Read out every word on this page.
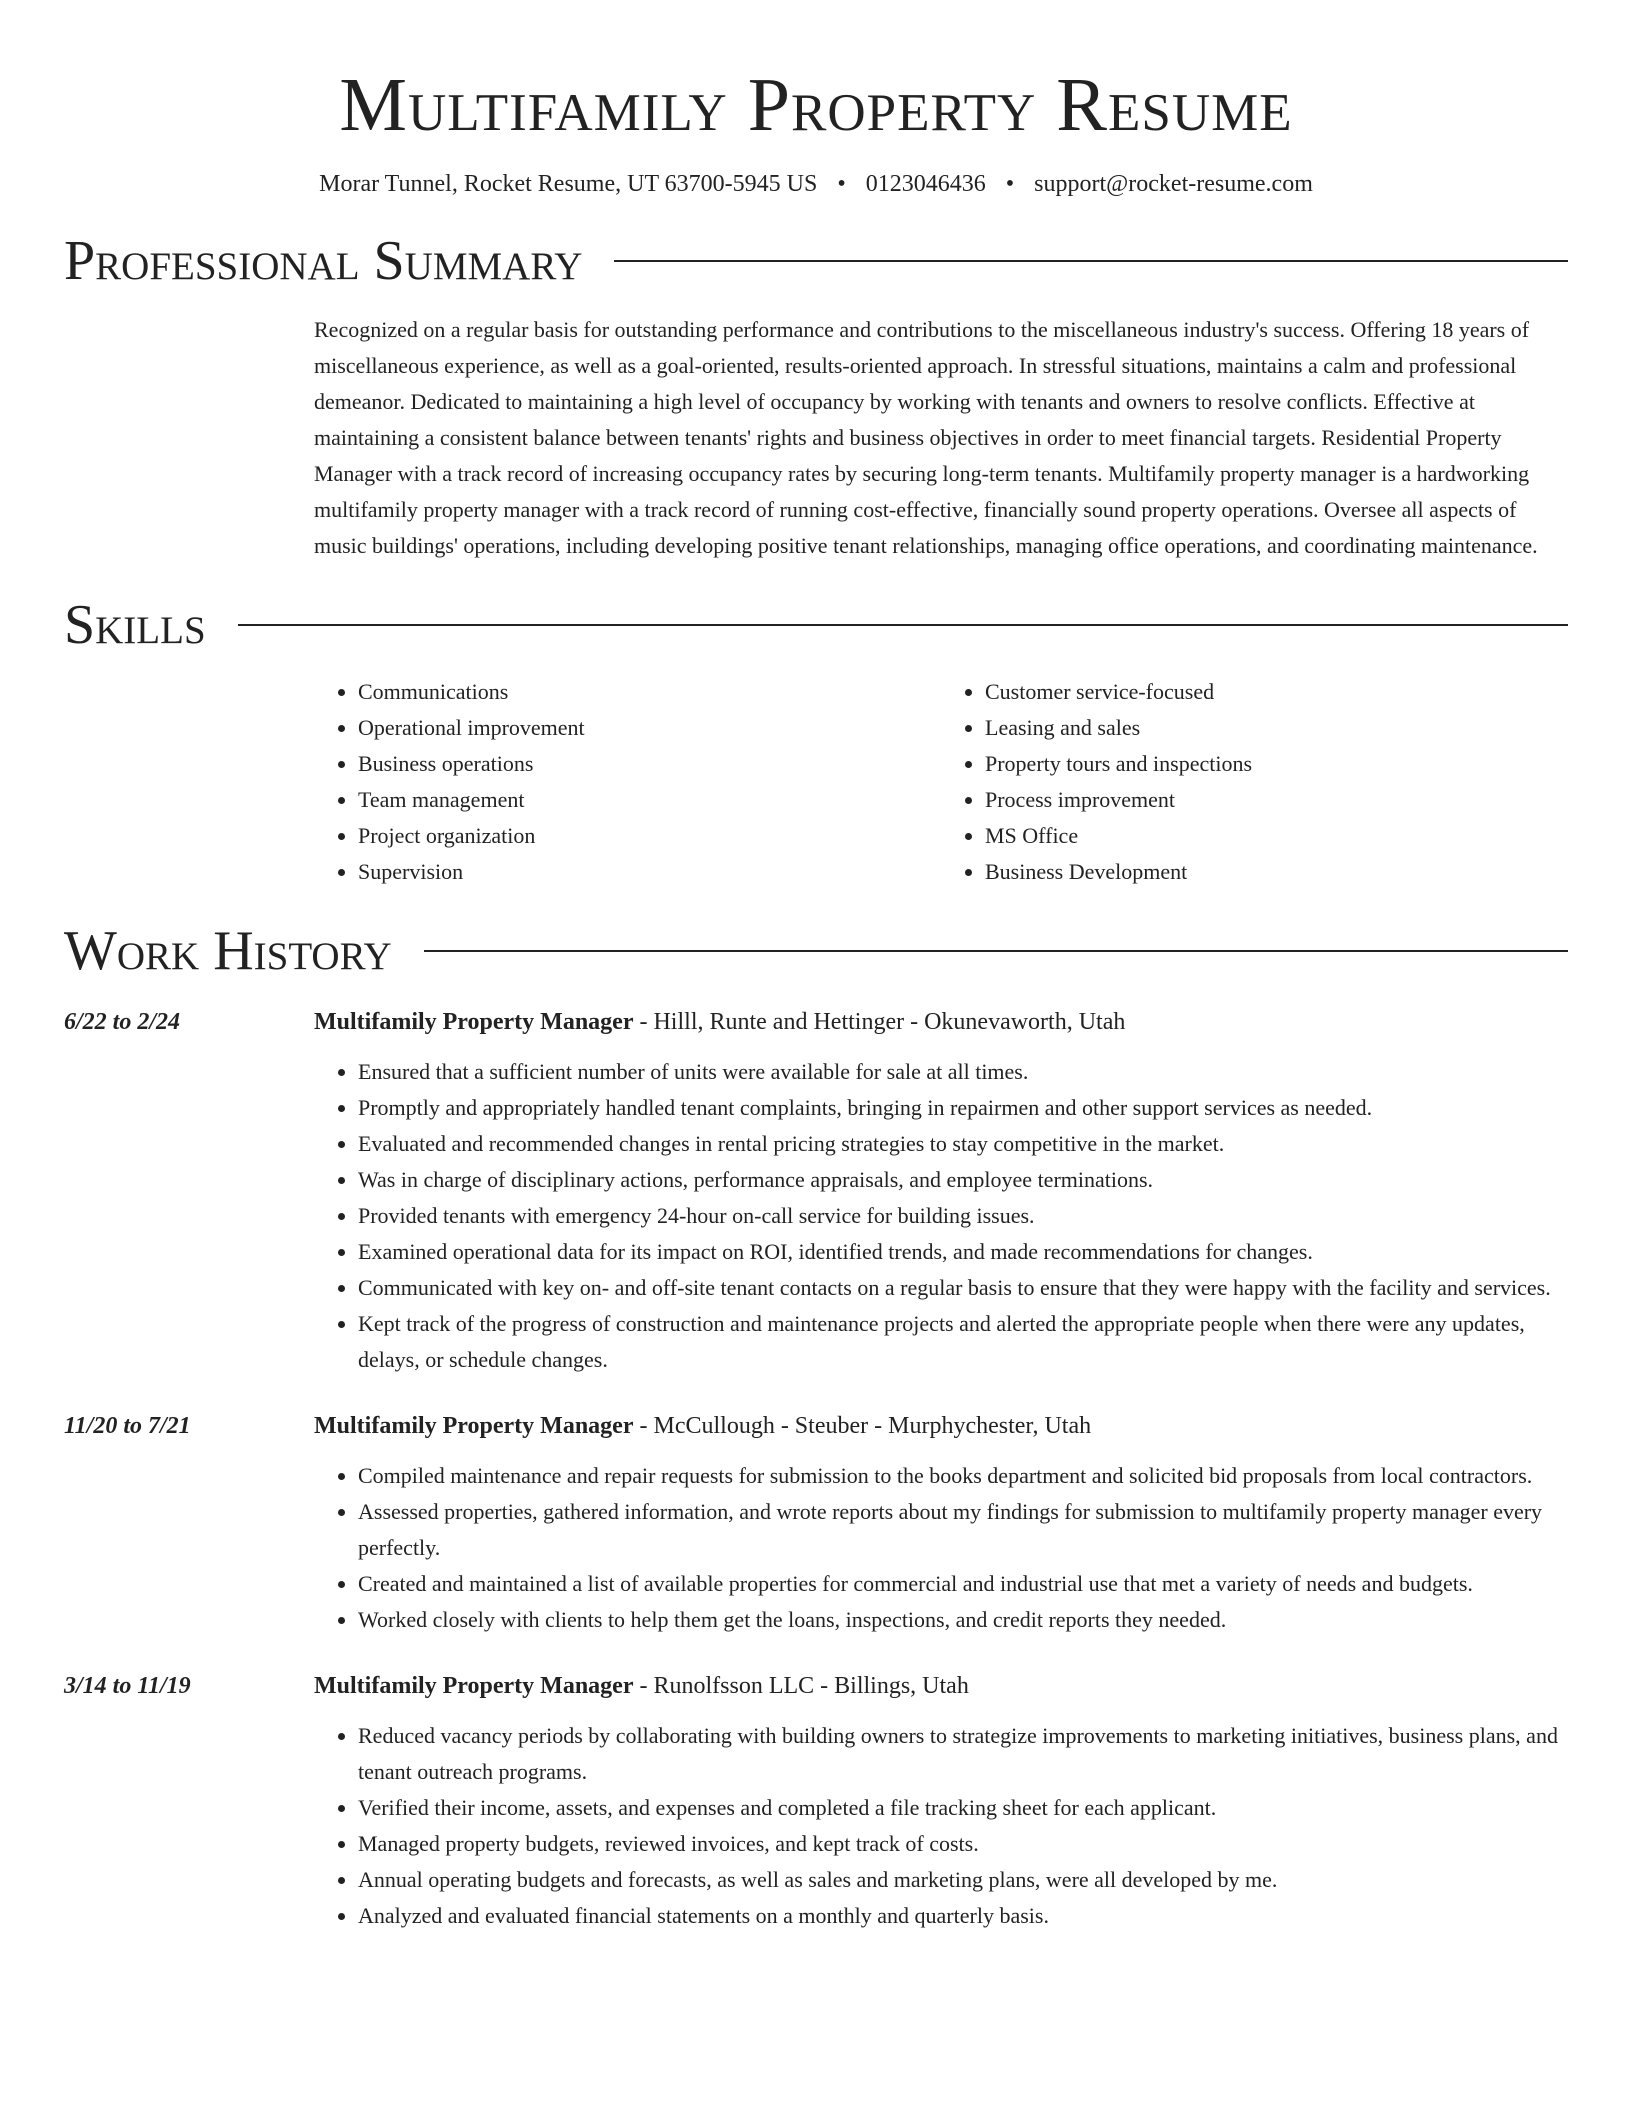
Multifamily Property Resume
Morar Tunnel, Rocket Resume, UT 63700-5945 US • 0123046436 • support@rocket-resume.com
Professional Summary
Recognized on a regular basis for outstanding performance and contributions to the miscellaneous industry's success. Offering 18 years of miscellaneous experience, as well as a goal-oriented, results-oriented approach. In stressful situations, maintains a calm and professional demeanor. Dedicated to maintaining a high level of occupancy by working with tenants and owners to resolve conflicts. Effective at maintaining a consistent balance between tenants' rights and business objectives in order to meet financial targets. Residential Property Manager with a track record of increasing occupancy rates by securing long-term tenants. Multifamily property manager is a hardworking multifamily property manager with a track record of running cost-effective, financially sound property operations. Oversee all aspects of music buildings' operations, including developing positive tenant relationships, managing office operations, and coordinating maintenance.
Skills
• Communications
• Operational improvement
• Business operations
• Team management
• Project organization
• Supervision
• Customer service-focused
• Leasing and sales
• Property tours and inspections
• Process improvement
• MS Office
• Business Development
Work History
6/22 to 2/24	Multifamily Property Manager - Hilll, Runte and Hettinger - Okunevaworth, Utah
• Ensured that a sufficient number of units were available for sale at all times.
• Promptly and appropriately handled tenant complaints, bringing in repairmen and other support services as needed.
• Evaluated and recommended changes in rental pricing strategies to stay competitive in the market.
• Was in charge of disciplinary actions, performance appraisals, and employee terminations.
• Provided tenants with emergency 24-hour on-call service for building issues.
• Examined operational data for its impact on ROI, identified trends, and made recommendations for changes.
• Communicated with key on- and off-site tenant contacts on a regular basis to ensure that they were happy with the facility and services.
• Kept track of the progress of construction and maintenance projects and alerted the appropriate people when there were any updates, delays, or schedule changes.
11/20 to 7/21	Multifamily Property Manager - McCullough - Steuber - Murphychester, Utah
• Compiled maintenance and repair requests for submission to the books department and solicited bid proposals from local contractors.
• Assessed properties, gathered information, and wrote reports about my findings for submission to multifamily property manager every perfectly.
• Created and maintained a list of available properties for commercial and industrial use that met a variety of needs and budgets.
• Worked closely with clients to help them get the loans, inspections, and credit reports they needed.
3/14 to 11/19	Multifamily Property Manager - Runolfsson LLC - Billings, Utah
• Reduced vacancy periods by collaborating with building owners to strategize improvements to marketing initiatives, business plans, and tenant outreach programs.
• Verified their income, assets, and expenses and completed a file tracking sheet for each applicant.
• Managed property budgets, reviewed invoices, and kept track of costs.
• Annual operating budgets and forecasts, as well as sales and marketing plans, were all developed by me.
• Analyzed and evaluated financial statements on a monthly and quarterly basis.
